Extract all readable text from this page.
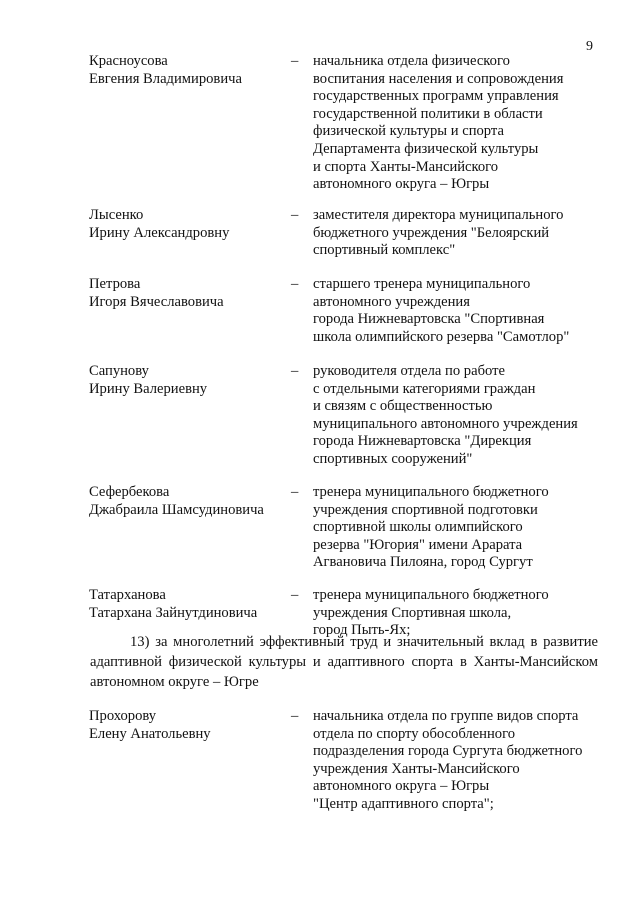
9
Красноусова
Евгения Владимировича
– начальника отдела физического
воспитания населения и сопровождения
государственных программ управления
государственной политики в области
физической культуры и спорта
Департамента физической культуры
и спорта Ханты-Мансийского
автономного округа – Югры
Лысенко
Ирину Александровну
– заместителя директора муниципального
бюджетного учреждения "Белоярский
спортивный комплекс"
Петрова
Игоря Вячеславовича
– старшего тренера муниципального
автономного учреждения
города Нижневартовска "Спортивная
школа олимпийского резерва "Самотлор"
Сапунову
Ирину Валериевну
– руководителя отдела по работе
с отдельными категориями граждан
и связям с общественностью
муниципального автономного учреждения
города Нижневартовска "Дирекция
спортивных сооружений"
Сефербекова
Джабраила Шамсудиновича
– тренера муниципального бюджетного
учреждения спортивной подготовки
спортивной школы олимпийского
резерва "Югория" имени Арарата
Агвановича Пилояна, город Сургут
Татарханова
Татархана Зайнутдиновича
– тренера муниципального бюджетного
учреждения Спортивная школа,
город Пыть-Ях;
13) за многолетний эффективный труд и значительный вклад в развитие
адаптивной физической культуры и адаптивного спорта в Ханты-Мансийском
автономном округе – Югре
Прохорову
Елену Анатольевну
– начальника отдела по группе видов спорта
отдела по спорту обособленного
подразделения города Сургута бюджетного
учреждения Ханты-Мансийского
автономного округа – Югры
"Центр адаптивного спорта";
